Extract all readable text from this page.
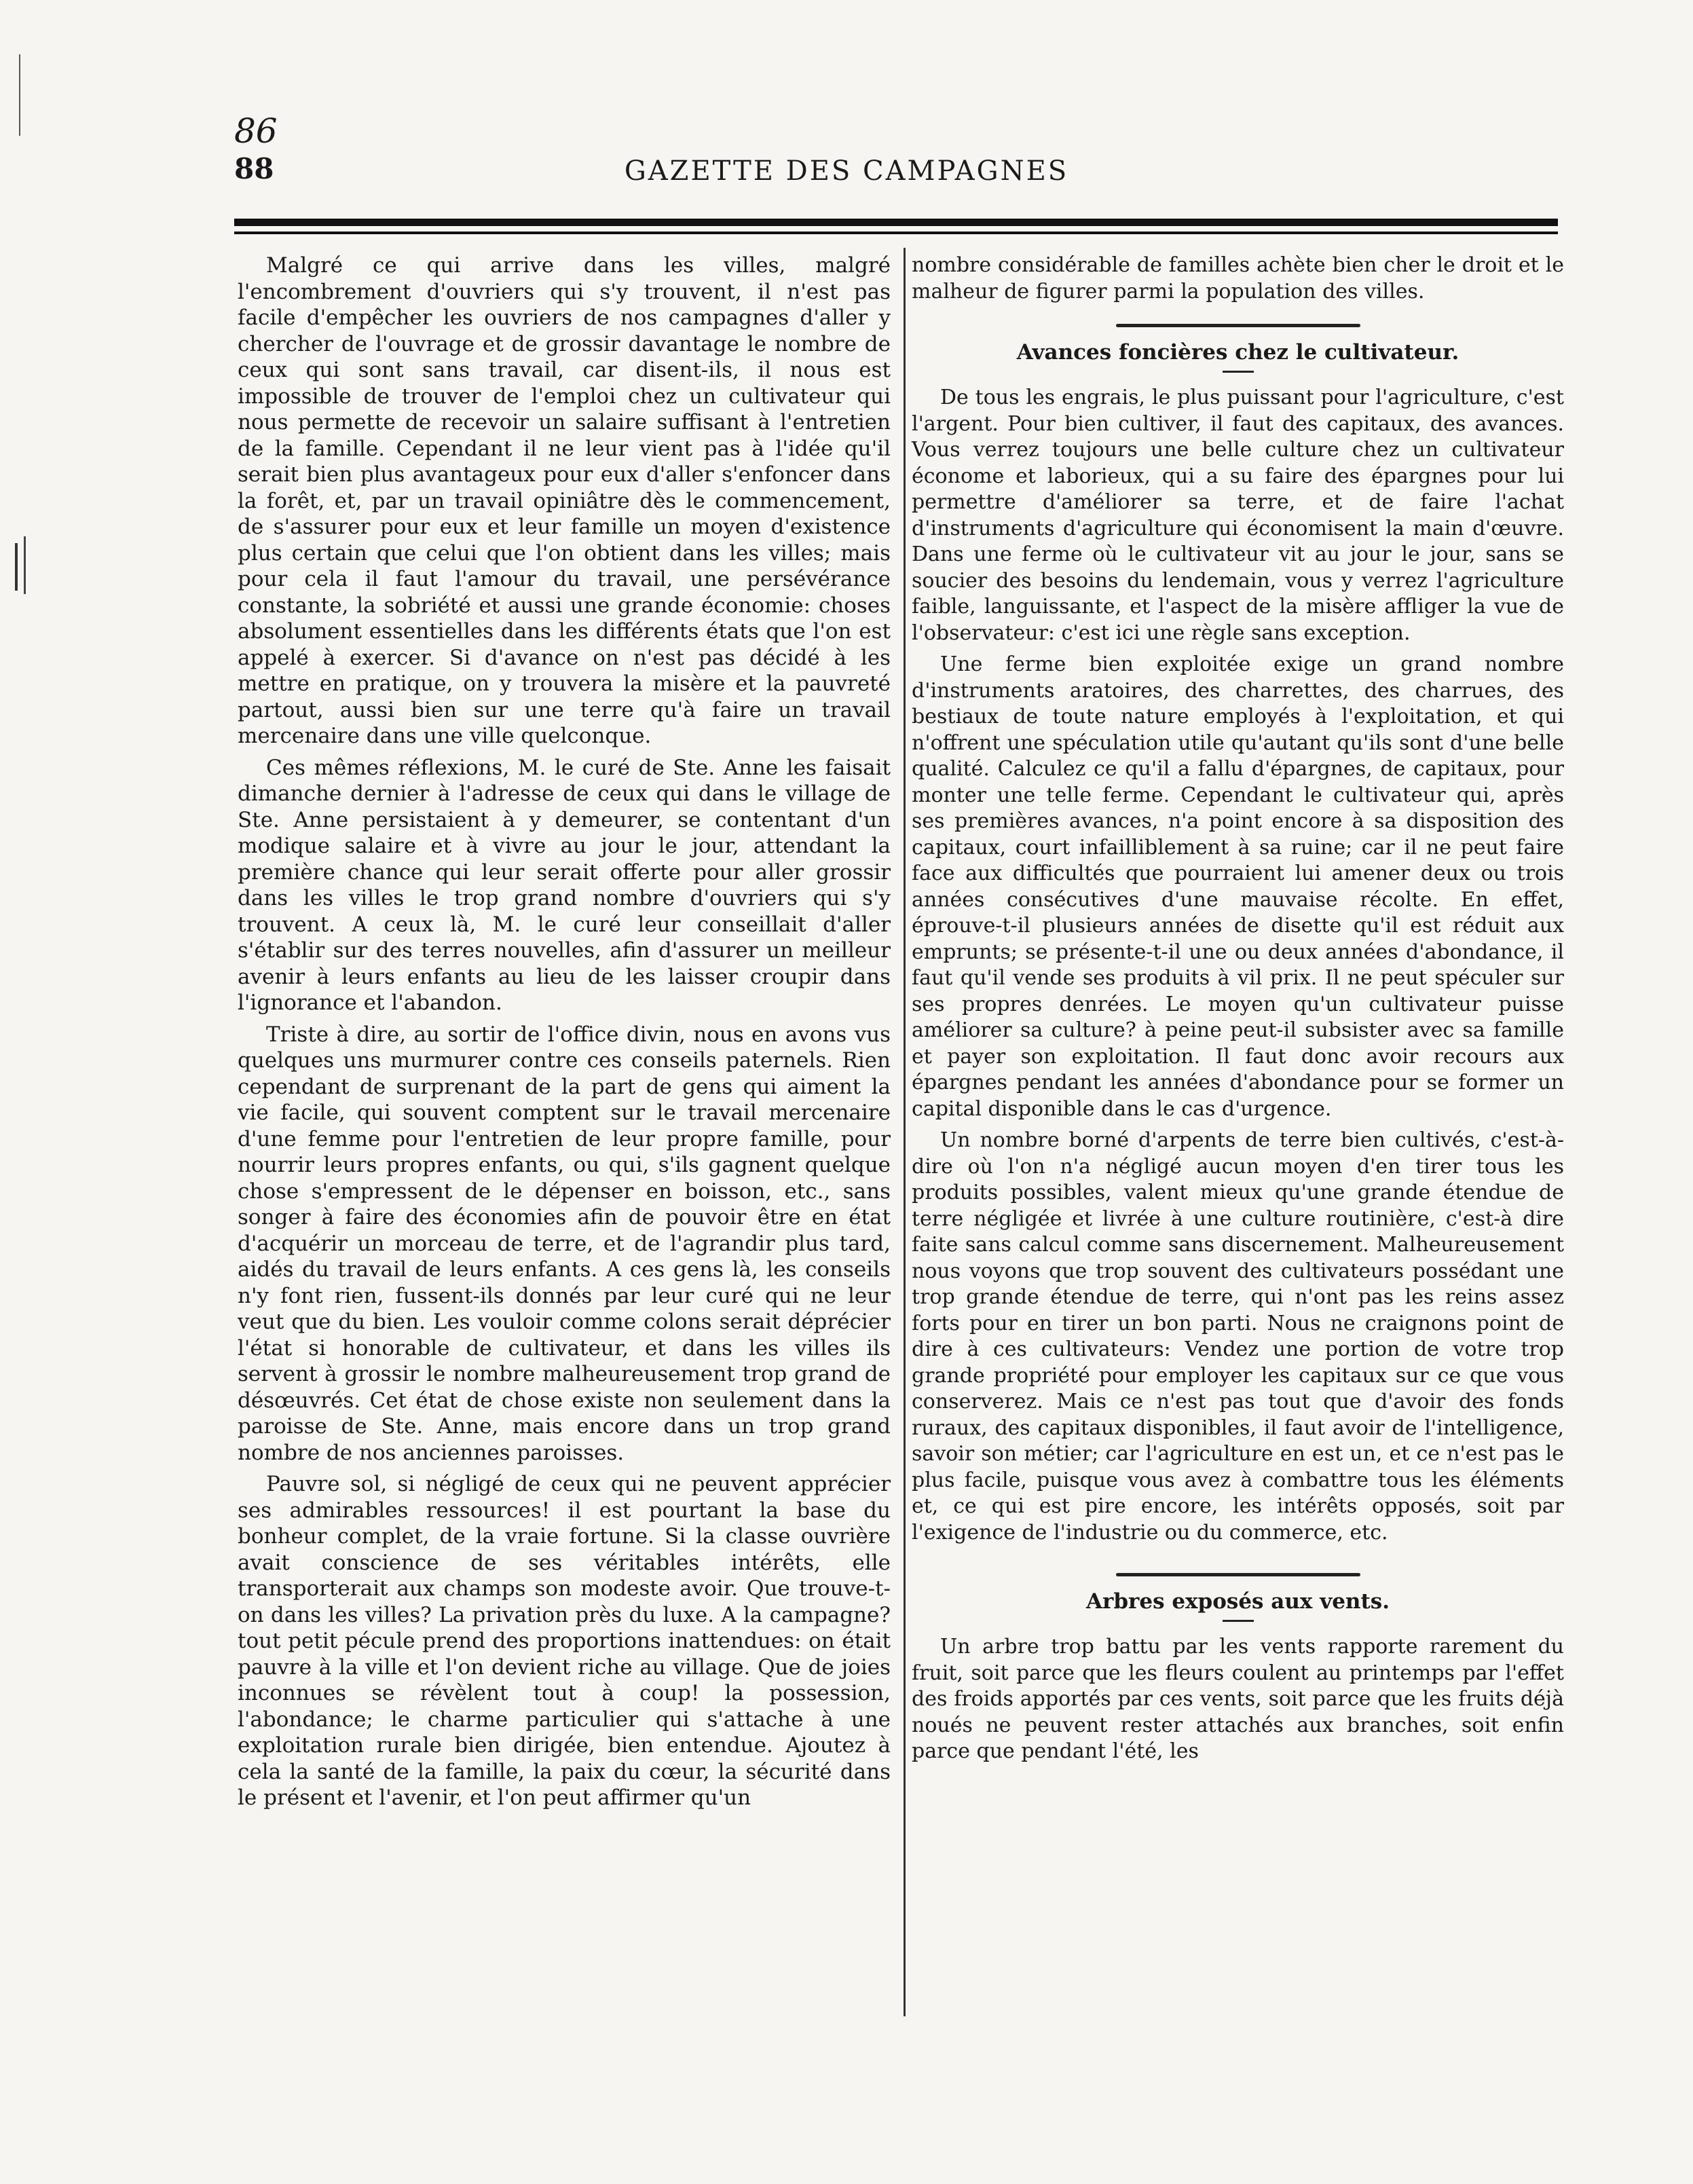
86
88	GAZETTE DES CAMPAGNES

Malgré ce qui arrive dans les villes, malgré l'encombrement d'ouvriers qui s'y trouvent, il n'est pas facile d'empêcher les ouvriers de nos campagnes d'aller y chercher de l'ouvrage et de grossir davantage le nombre de ceux qui sont sans travail, car disent-ils, il nous est impossible de trouver de l'emploi chez un cultivateur qui nous permette de recevoir un salaire suffisant à l'entretien de la famille. Cependant il ne leur vient pas à l'idée qu'il serait bien plus avantageux pour eux d'aller s'enfoncer dans la forêt, et, par un travail opiniâtre dès le commencement, de s'assurer pour eux et leur famille un moyen d'existence plus certain que celui que l'on obtient dans les villes; mais pour cela il faut l'amour du travail, une persévérance constante, la sobriété et aussi une grande économie: choses absolument essentielles dans les différents états que l'on est appelé à exercer. Si d'avance on n'est pas décidé à les mettre en pratique, on y trouvera la misère et la pauvreté partout, aussi bien sur une terre qu'à faire un travail mercenaire dans une ville quelconque.

Ces mêmes réflexions, M. le curé de Ste. Anne les faisait dimanche dernier à l'adresse de ceux qui dans le village de Ste. Anne persistaient à y demeurer, se contentant d'un modique salaire et à vivre au jour le jour, attendant la première chance qui leur serait offerte pour aller grossir dans les villes le trop grand nombre d'ouvriers qui s'y trouvent. A ceux là, M. le curé leur conseillait d'aller s'établir sur des terres nouvelles, afin d'assurer un meilleur avenir à leurs enfants au lieu de les laisser croupir dans l'ignorance et l'abandon.

Triste à dire, au sortir de l'office divin, nous en avons vus quelques uns murmurer contre ces conseils paternels. Rien cependant de surprenant de la part de gens qui aiment la vie facile, qui souvent comptent sur le travail mercenaire d'une femme pour l'entretien de leur propre famille, pour nourrir leurs propres enfants, ou qui, s'ils gagnent quelque chose s'empressent de le dépenser en boisson, etc., sans songer à faire des économies afin de pouvoir être en état d'acquérir un morceau de terre, et de l'agrandir plus tard, aidés du travail de leurs enfants. A ces gens là, les conseils n'y font rien, fussent-ils donnés par leur curé qui ne leur veut que du bien. Les vouloir comme colons serait déprécier l'état si honorable de cultivateur, et dans les villes ils servent à grossir le nombre malheureusement trop grand de désœuvrés. Cet état de chose existe non seulement dans la paroisse de Ste. Anne, mais encore dans un trop grand nombre de nos anciennes paroisses.

Pauvre sol, si négligé de ceux qui ne peuvent apprécier ses admirables ressources! il est pourtant la base du bonheur complet, de la vraie fortune. Si la classe ouvrière avait conscience de ses véritables intérêts, elle transporterait aux champs son modeste avoir. Que trouve-t-on dans les villes? La privation près du luxe. A la campagne? tout petit pécule prend des proportions inattendues: on était pauvre à la ville et l'on devient riche au village. Que de joies inconnues se révèlent tout à coup! la possession, l'abondance; le charme particulier qui s'attache à une exploitation rurale bien dirigée, bien entendue. Ajoutez à cela la santé de la famille, la paix du cœur, la sécurité dans le présent et l'avenir, et l'on peut affirmer qu'un

nombre considérable de familles achète bien cher le droit et le malheur de figurer parmi la population des villes.

Avances foncières chez le cultivateur.

De tous les engrais, le plus puissant pour l'agriculture, c'est l'argent. Pour bien cultiver, il faut des capitaux, des avances. Vous verrez toujours une belle culture chez un cultivateur économe et laborieux, qui a su faire des épargnes pour lui permettre d'améliorer sa terre, et de faire l'achat d'instruments d'agriculture qui économisent la main d'œuvre. Dans une ferme où le cultivateur vit au jour le jour, sans se soucier des besoins du lendemain, vous y verrez l'agriculture faible, languissante, et l'aspect de la misère affliger la vue de l'observateur: c'est ici une règle sans exception.

Une ferme bien exploitée exige un grand nombre d'instruments aratoires, des charrettes, des charrues, des bestiaux de toute nature employés à l'exploitation, et qui n'offrent une spéculation utile qu'autant qu'ils sont d'une belle qualité. Calculez ce qu'il a fallu d'épargnes, de capitaux, pour monter une telle ferme. Cependant le cultivateur qui, après ses premières avances, n'a point encore à sa disposition des capitaux, court infailliblement à sa ruine; car il ne peut faire face aux difficultés que pourraient lui amener deux ou trois années consécutives d'une mauvaise récolte. En effet, éprouve-t-il plusieurs années de disette qu'il est réduit aux emprunts; se présente-t-il une ou deux années d'abondance, il faut qu'il vende ses produits à vil prix. Il ne peut spéculer sur ses propres denrées. Le moyen qu'un cultivateur puisse améliorer sa culture? à peine peut-il subsister avec sa famille et payer son exploitation. Il faut donc avoir recours aux épargnes pendant les années d'abondance pour se former un capital disponible dans le cas d'urgence.

Un nombre borné d'arpents de terre bien cultivés, c'est-à-dire où l'on n'a négligé aucun moyen d'en tirer tous les produits possibles, valent mieux qu'une grande étendue de terre négligée et livrée à une culture routinière, c'est-à dire faite sans calcul comme sans discernement. Malheureusement nous voyons que trop souvent des cultivateurs possédant une trop grande étendue de terre, qui n'ont pas les reins assez forts pour en tirer un bon parti. Nous ne craignons point de dire à ces cultivateurs: Vendez une portion de votre trop grande propriété pour employer les capitaux sur ce que vous conserverez. Mais ce n'est pas tout que d'avoir des fonds ruraux, des capitaux disponibles, il faut avoir de l'intelligence, savoir son métier; car l'agriculture en est un, et ce n'est pas le plus facile, puisque vous avez à combattre tous les éléments et, ce qui est pire encore, les intérêts opposés, soit par l'exigence de l'industrie ou du commerce, etc.

Arbres exposés aux vents.

Un arbre trop battu par les vents rapporte rarement du fruit, soit parce que les fleurs coulent au printemps par l'effet des froids apportés par ces vents, soit parce que les fruits déjà noués ne peuvent rester attachés aux branches, soit enfin parce que pendant l'été, les
